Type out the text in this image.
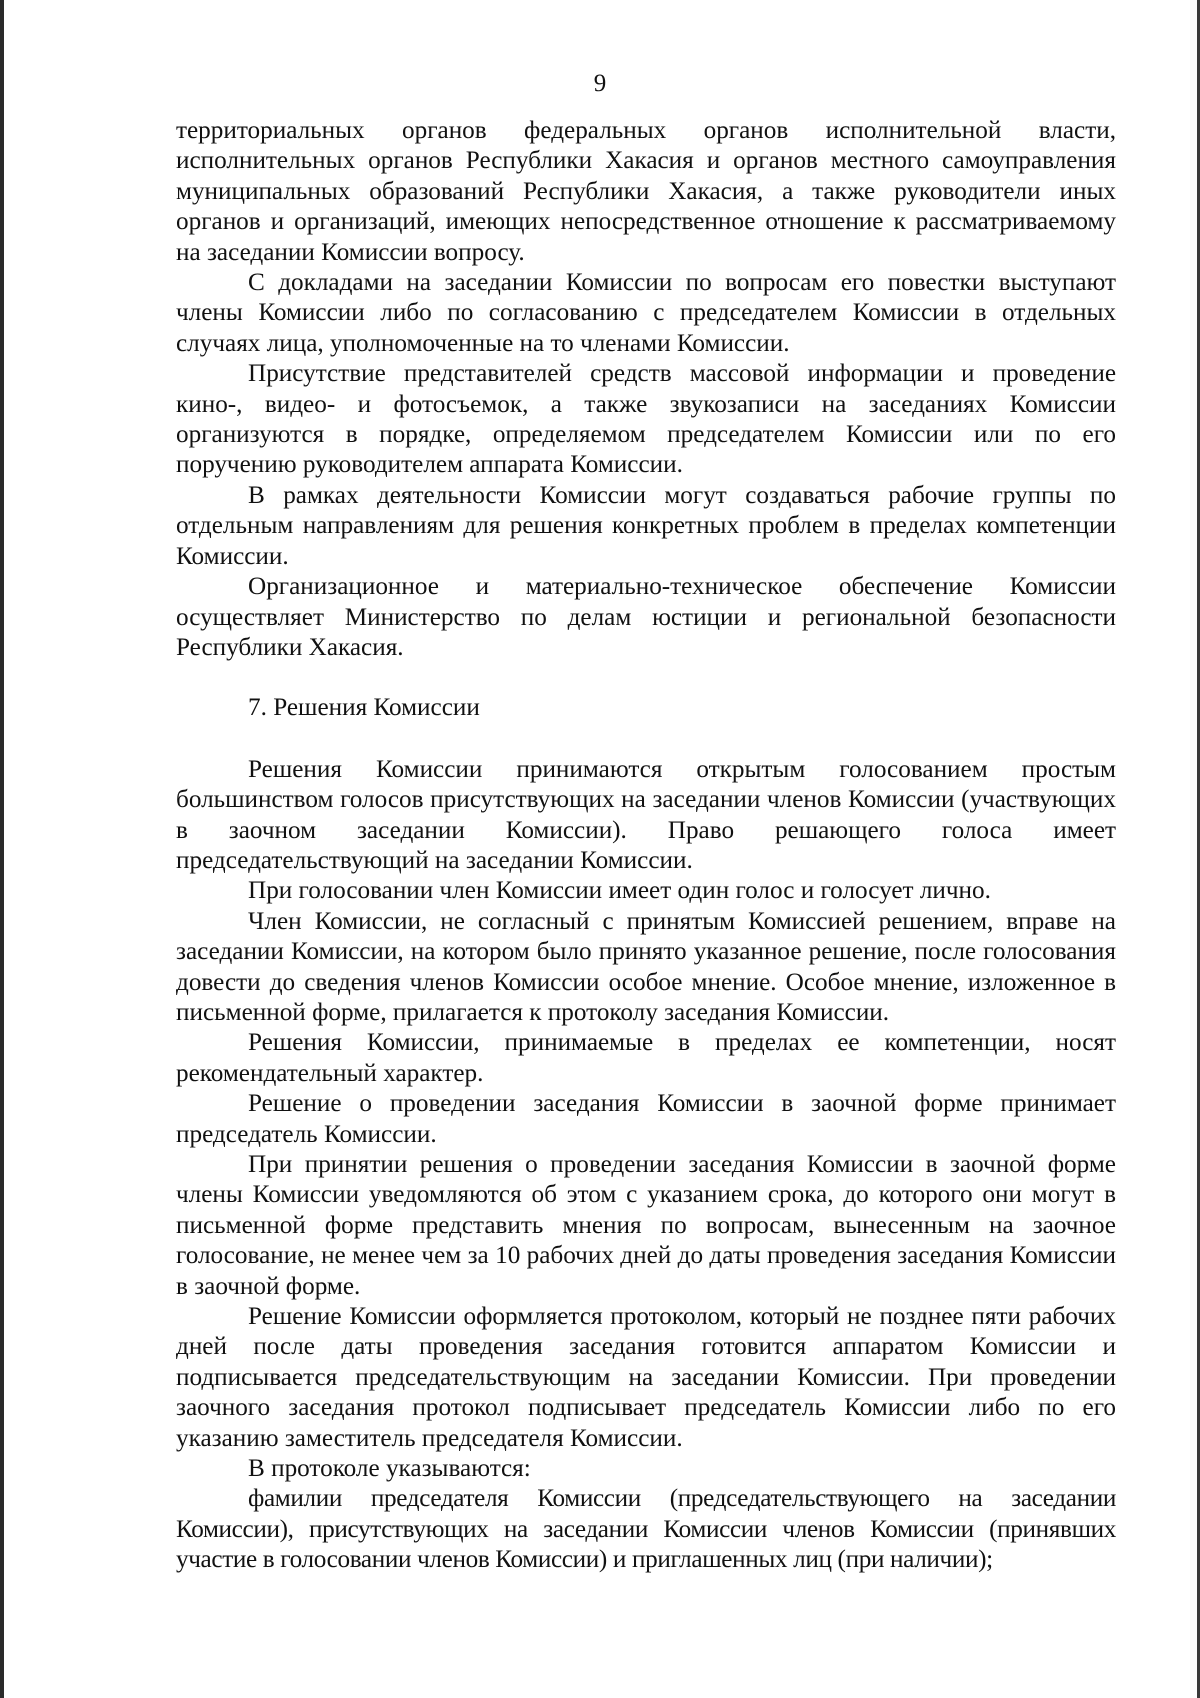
9

территориальных органов федеральных органов исполнительной власти, исполнительных органов Республики Хакасия и органов местного самоуправления муниципальных образований Республики Хакасия, а также руководители иных органов и организаций, имеющих непосредственное отношение к рассматриваемому на заседании Комиссии вопросу.

С докладами на заседании Комиссии по вопросам его повестки выступают члены Комиссии либо по согласованию с председателем Комиссии в отдельных случаях лица, уполномоченные на то членами Комиссии.

Присутствие представителей средств массовой информации и проведение кино-, видео- и фотосъемок, а также звукозаписи на заседаниях Комиссии организуются в порядке, определяемом председателем Комиссии или по его поручению руководителем аппарата Комиссии.

В рамках деятельности Комиссии могут создаваться рабочие группы по отдельным направлениям для решения конкретных проблем в пределах компетенции Комиссии.

Организационное и материально-техническое обеспечение Комиссии осуществляет Министерство по делам юстиции и региональной безопасности Республики Хакасия.

7. Решения Комиссии

Решения Комиссии принимаются открытым голосованием простым большинством голосов присутствующих на заседании членов Комиссии (участвующих в заочном заседании Комиссии). Право решающего голоса имеет председательствующий на заседании Комиссии.

При голосовании член Комиссии имеет один голос и голосует лично.

Член Комиссии, не согласный с принятым Комиссией решением, вправе на заседании Комиссии, на котором было принято указанное решение, после голосования довести до сведения членов Комиссии особое мнение. Особое мнение, изложенное в письменной форме, прилагается к протоколу заседания Комиссии.

Решения Комиссии, принимаемые в пределах ее компетенции, носят рекомендательный характер.

Решение о проведении заседания Комиссии в заочной форме принимает председатель Комиссии.

При принятии решения о проведении заседания Комиссии в заочной форме члены Комиссии уведомляются об этом с указанием срока, до которого они могут в письменной форме представить мнения по вопросам, вынесенным на заочное голосование, не менее чем за 10 рабочих дней до даты проведения заседания Комиссии в заочной форме.

Решение Комиссии оформляется протоколом, который не позднее пяти рабочих дней после даты проведения заседания готовится аппаратом Комиссии и подписывается председательствующим на заседании Комиссии. При проведении заочного заседания протокол подписывает председатель Комиссии либо по его указанию заместитель председателя Комиссии.

В протоколе указываются:

фамилии председателя Комиссии (председательствующего на заседании Комиссии), присутствующих на заседании Комиссии членов Комиссии (принявших участие в голосовании членов Комиссии) и приглашенных лиц (при наличии);
